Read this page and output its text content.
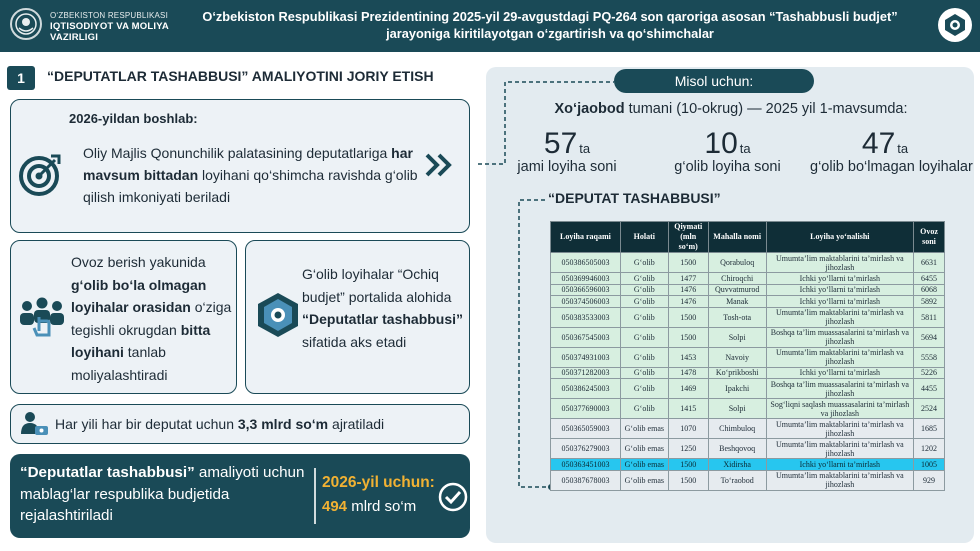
O‘ZBEKISTON RESPUBLIKASI
IQTISODIYOT VA MOLIYA
VAZIRLIGI
O‘zbekiston Respublikasi Prezidentining 2025-yil 29-avgustdagi PQ-264 son qaroriga asosan “Tashabbusli budjet”
jarayoniga kiritilayotgan o‘zgartirish va qo‘shimchalar
1	“DEPUTATLAR TASHABBUSI” AMALIYOTINI JORIY ETISH
2026-yildan boshlab:
Oliy Majlis Qonunchilik palatasining deputatlariga har mavsum bittadan loyihani qo‘shimcha ravishda g‘olib qilish imkoniyati beriladi
Ovoz berish yakunida g‘olib bo‘la olmagan loyihalar orasidan o‘ziga tegishli okrugdan bitta loyihani tanlab moliyalashtiradi
G‘olib loyihalar “Ochiq budjet” portalida alohida “Deputatlar tashabbusi” sifatida aks etadi
Har yili har bir deputat uchun 3,3 mlrd so‘m ajratiladi
“Deputatlar tashabbusi” amaliyoti uchun mablag‘lar respublika budjetida rejalashtiriladi
2026-yil uchun:
494 mlrd so‘m
Misol uchun:
Xo‘jaobod tumani (10-okrug) — 2025 yil 1-mavsumda:
57 ta
jami loyiha soni
10 ta
g‘olib loyiha soni
47 ta
g‘olib bo‘lmagan loyihalar
“DEPUTAT TASHABBUSI”
Loyiha raqami	Holati	Qiymati (mln so‘m)	Mahalla nomi	Loyiha yo‘nalishi	Ovoz soni
050386505003	G‘olib	1500	Qorabuloq	Umumta’lim maktablarini ta’mirlash va jihozlash	6631
050369946003	G‘olib	1477	Chiroqchi	Ichki yo‘llarni ta’mirlash	6455
050366596003	G‘olib	1476	Quvvatmurod	Ichki yo‘llarni ta’mirlash	6068
050374506003	G‘olib	1476	Manak	Ichki yo‘llarni ta’mirlash	5892
050383533003	G‘olib	1500	Tosh-ota	Umumta’lim maktablarini ta’mirlash va jihozlash	5811
050367545003	G‘olib	1500	Solpi	Boshqa ta’lim muassasalarini ta’mirlash va jihozlash	5694
050374931003	G‘olib	1453	Navoiy	Umumta’lim maktablarini ta’mirlash va jihozlash	5558
050371282003	G‘olib	1478	Ko‘prikboshi	Ichki yo‘llarni ta’mirlash	5226
050386245003	G‘olib	1469	Ipakchi	Boshqa ta’lim muassasalarini ta’mirlash va jihozlash	4455
050377690003	G‘olib	1415	Solpi	Sog‘liqni saqlash muassasalarini ta’mirlash va jihozlash	2524
050365059003	G‘olib emas	1070	Chimbuloq	Umumta’lim maktablarini ta’mirlash va jihozlash	1685
050376279003	G‘olib emas	1250	Beshqovoq	Umumta’lim maktablarini ta’mirlash va jihozlash	1202
050363451003	G‘olib emas	1500	Xidirsha	Ichki yo‘llarni ta’mirlash	1005
050387678003	G‘olib emas	1500	To‘raobod	Umumta’lim maktablarini ta’mirlash va jihozlash	929
